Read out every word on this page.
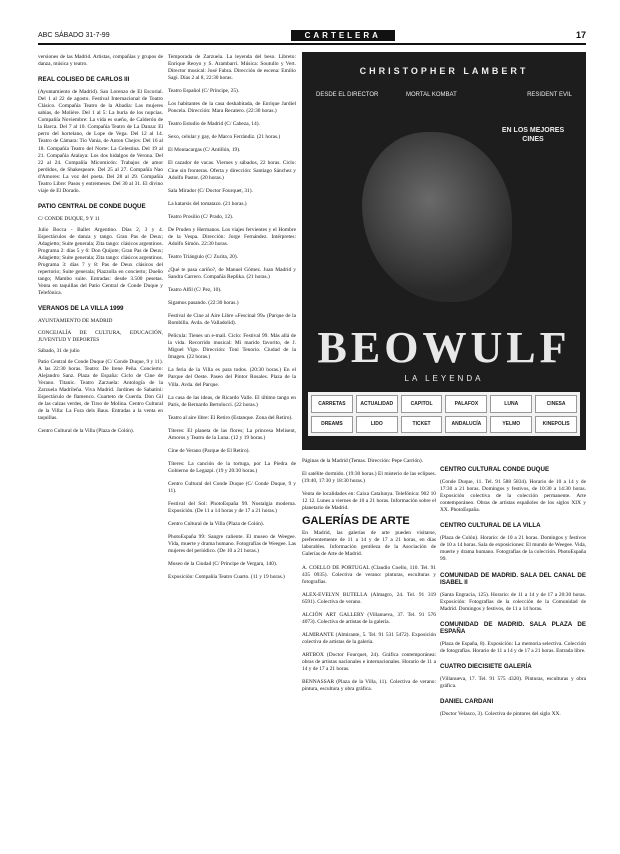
ABC SÁBADO 31-7-99	CARTELERA	17

versiones de las Madrid. Artistas, compañías y grupos de danza, música y teatro.

REAL COLISEO DE CARLOS III

(Ayuntamiento de Madrid). San Lorenzo de El Escorial. Del 1 al 22 de agosto. Festival Internacional de Teatro Clásico. Compañía Teatro de la Abadía: Las mujeres sabias, de Molière. Del 1 al 5: La burla de los nupcias. Compañía Noviembre: La vida es sueño, de Calderón de la Barca. Del 7 al 10. Compañía Teatro de La Danza: El perro del hortelano, de Lope de Vega. Del 12 al 14. Teatro de Cámara: Tío Vania, de Anton Chejov. Del 16 al 18. Compañía Teatro del Norte: La Celestina. Del 19 al 21. Compañía Atalaya: Los dos hidalgos de Verona. Del 22 al 24. Compañía Micomicón: Trabajos de amor perdidos, de Shakespeare. Del 25 al 27. Compañía Nao d'Amores: La voz del poeta. Del 28 al 29. Compañía Teatro Libre: Pasos y entremeses. Del 30 al 31. El divino viaje de El Dorado.

PATIO CENTRAL DE CONDE DUQUE
C/ CONDE DUQUE, 9 Y 11

Julio Bocca - Ballet Argentino. Días 2, 3 y 4. Espectáculos de danza y tango. Gran Pas de Deux; Adagietto; Suite generala; Zita tango: clásicos argentinos. Programa 2: días 5 y 6: Don Quijote; Gran Pas de Deux; Adagietto; Suite generala; Zita tango: clásicos argentinos. Programa 3: días 7 y 8: Pas de Deux clásicos del repertorio; Suite generala; Piazzolla en concierto; Dueño tango; Mambo suite. Entradas: desde 3.500 pesetas. Venta en taquillas del Patio Central de Conde Duque y Telefónica.

VERANOS DE LA VILLA 1999
AYUNTAMIENTO DE MADRID
CONCEJALÍA DE CULTURA, EDUCACIÓN, JUVENTUD Y DEPORTES
Sábado, 31 de julio

Patio Central de Conde Duque (C/ Conde Duque, 9 y 11). A las 22:30 horas. Teatro: De Irene Peña. Concierto: Alejandro Sanz. Plaza de España: Ciclo de Cine de Verano. Titanic. Teatro Zarzuela: Antología de la Zarzuela Madrileña. Viva Madrid. Jardines de Sabatini: Espectáculo de flamenco. Cuarteto de Cuerda. Don Gil de las calzas verdes, de Tirso de Molina. Centro Cultural de la Villa: La Fura dels Baus. Entradas a la venta en taquillas.

Centro Cultural de la Villa (Plaza de Colón).

Temporada de Zarzuela. La leyenda del beso. Libreto: Enrique Reoyo y S. Arambarri. Música: Soutullo y Vert. Director musical: José Fabra. Dirección de escena: Emilio Sagi. Días 2 al 8, 22:30 horas.

Teatro Español (C/ Príncipe, 25).

Los habitantes de la casa deshabitada, de Enrique Jardiel Poncela. Dirección: Mara Recatero. (22:30 horas.)

Teatro Estudio de Madrid (C/ Cabeza, 14).

Sexo, celular y gay, de Marco Ferrándiz. (21 horas.)

El Montacargas (C/ Antillón, 19).

El cazador de vacas. Viernes y sábados, 22 horas. Ciclo: Cine sin fronteras. Oferta y dirección: Santiago Sánchez y Adolfo Pastor. (20 horas.)

Sala Mirador (C/ Doctor Fourquet, 31).

La katarsis del tomatazo. (21 horas.)

Teatro Prosilio (C/ Prado, 12).

De Pruden y Hermanos. Los viajes fervientes y el Hombre de la Vespa. Dirección: Jorge Fernández. Intérpretes: Adolfo Simón. 22:30 horas.

Teatro Triángulo (C/ Zurita, 20).

¿Qué te pasa cariño?, de Manuel Gómez. Juan Madrid y Sandra Carrero. Compañía Replika. (21 horas.)

Teatro Alfil (C/ Pez, 10).

Sigamos pasando. (22:30 horas.)

Festival de Cine al Aire Libre «Fescinal 99» (Parque de la Bombilla. Avda. de Valladolid).

Película: Tienes un e-mail. Ciclo: Festival 99. Más allá de la vida. Recorrido musical: Mi marido favorito, de J. Miguel Vigo. Dirección: Toni Tenorio. Ciudad de la Imagen. (22 horas.)

La feria de la Villa es para todos. (20:30 horas.) En el Parque del Oeste. Paseo del Pintor Rosales. Plaza de la Villa. Avda. del Parque.

La casa de las ideas, de Ricardo Valle. El último tango en París, de Bernardo Bertolucci. (22 horas.)

Teatro al aire libre: El Retiro (Estanque. Zona del Retiro).

Títeres: El planeta de las flores; La princesa Melisent, Amoros y Teatro de la Luna. (12 y 19 horas.)

Cine de Verano (Parque de El Retiro).

Títeres: La canción de la tortuga, por La Piedra de Gobierno de Legazpi. (19 y 20:30 horas.)

Centro Cultural del Conde Duque (C/ Conde Duque, 9 y 11).

Festival del Sol: PhotoEspaña 99. Nostalgia moderna. Exposición. (De 11 a 14 horas y de 17 a 21 horas.)

Centro Cultural de la Villa (Plaza de Colón).

PhotoEspaña 99: Sangre caliente. El museo de Weegee. Vida, muerte y drama humano. Fotografías de Weegee. Las mujeres del periódico. (De 10 a 21 horas.)

Museo de la Ciudad (C/ Príncipe de Vergara, 140).

Exposición: Compañía Teatro Cuarto. (11 y 19 horas.)

CHRISTOPHER LAMBERT
DESDE EL DIRECTOR	MORTAL KOMBAT	RESIDENT EVIL
EN LOS MEJORES CINES
BEOWULF
LA LEYENDA
CARRETAS	ACTUALIDAD	CAPITOL	PALAFOX	LUNA	CINESA
DREAMS	LIDO	TICKET	ANDALUCÍA	YELMO	KINEPOLIS

Páginas de la Madrid (Temas. Dirección: Pepe Carrión).

El satélite dormido. (19:30 horas.) El misterio de las eclipses. (19:40, 17:30 y 18:30 horas.)

Venta de localidades en: Caixa Catalunya. Telefónica: 902 10 12 12. Lunes a viernes de 10 a 21 horas. Información sobre el planetario de Madrid.

GALERÍAS DE ARTE

En Madrid, las galerías de arte pueden visitarse, preferentemente de 11 a 14 y de 17 a 21 horas, en días laborables. Información gentileza de la Asociación de Galerías de Arte de Madrid.

A. COELLO DE PORTUGAL (Claudio Coello, 110. Tel. 91 435 0935). Colectiva de verano: pinturas, esculturas y fotografías.

ALEX-EVELYN BUTELLA (Almagro, 24. Tel. 91 319 6591). Colectiva de verano.

ALCIÓN ART GALLERY (Villanueva, 37. Tel. 91 576 4073). Colectiva de artistas de la galería.

ALMIRANTE (Almirante, 5. Tel. 91 531 5472). Exposición colectiva de artistas de la galería.

ARTBOX (Doctor Fourquet, 24). Gráfica contemporánea: obras de artistas nacionales e internacionales. Horario de 11 a 14 y de 17 a 21 horas.

BENNASSAR (Plaza de la Villa, 11). Colectiva de verano: pintura, escultura y obra gráfica.

CENTRO CULTURAL CONDE DUQUE

(Conde Duque, 11. Tel. 91 588 5834). Horario de 10 a 14 y de 17:30 a 21 horas. Domingos y festivos, de 10:30 a 14:30 horas. Exposición colectiva de la colección permanente. Arte contemporáneo. Obras de artistas españoles de los siglos XIX y XX. PhotoEspaña.

CENTRO CULTURAL DE LA VILLA

(Plaza de Colón). Horario: de 10 a 21 horas. Domingos y festivos de 10 a 14 horas. Sala de exposiciones: El mundo de Weegee. Vida, muerte y drama humano. Fotografías de la colección. PhotoEspaña 99.

COMUNIDAD DE MADRID. SALA DEL CANAL DE ISABEL II

(Santa Engracia, 125). Horario: de 11 a 14 y de 17 a 20:30 horas. Exposición: Fotografías de la colección de la Comunidad de Madrid. Domingos y festivos, de 11 a 14 horas.

COMUNIDAD DE MADRID. SALA PLAZA DE ESPAÑA

(Plaza de España, 8). Exposición: La memoria selectiva. Colección de fotografías. Horario de 11 a 14 y de 17 a 21 horas. Entrada libre.

CUATRO DIECISIETE GALERÍA

(Villanueva, 17. Tel. 91 575 4320). Pinturas, esculturas y obra gráfica.

DANIEL CARDANI

(Doctor Velasco, 3). Colectiva de pintores del siglo XX.
